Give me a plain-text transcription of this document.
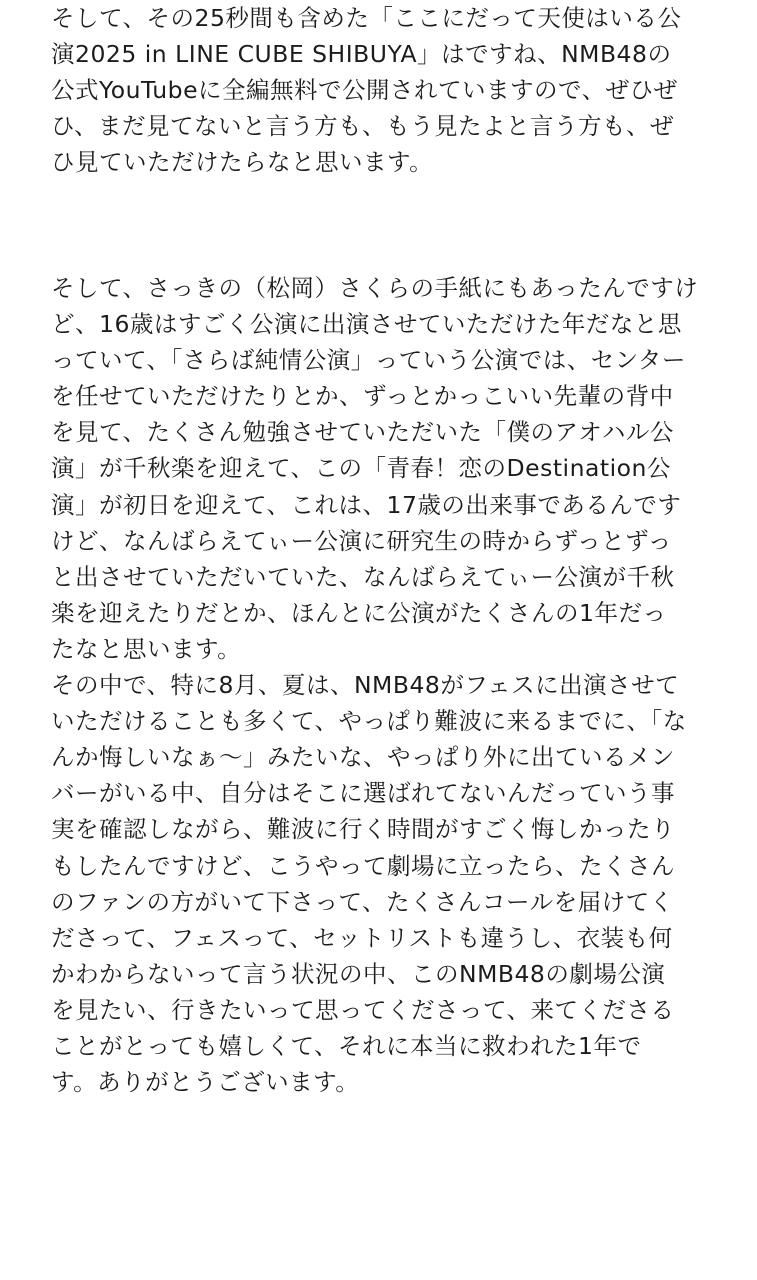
そして、その25秒間も含めた「ここにだって天使はいる公
演2025 in LINE CUBE SHIBUYA」はですね、NMB48の
公式YouTubeに全編無料で公開されていますので、ぜひぜ
ひ、まだ見てないと言う方も、もう見たよと言う方も、ぜ
ひ見ていただけたらなと思います。
そして、さっきの（松岡）さくらの手紙にもあったんですけ
ど、16歳はすごく公演に出演させていただけた年だなと思
っていて、「さらば純情公演」っていう公演では、センター
を任せていただけたりとか、ずっとかっこいい先輩の背中
を見て、たくさん勉強させていただいた「僕のアオハル公
演」が千秋楽を迎えて、この「青春！恋のDestination公
演」が初日を迎えて、これは、17歳の出来事であるんです
けど、なんばらえてぃー公演に研究生の時からずっとずっ
と出させていただいていた、なんばらえてぃー公演が千秋
楽を迎えたりだとか、ほんとに公演がたくさんの1年だっ
たなと思います。
その中で、特に8月、夏は、NMB48がフェスに出演させて
いただけることも多くて、やっぱり難波に来るまでに、「な
んか悔しいなぁ〜」みたいな、やっぱり外に出ているメン
バーがいる中、自分はそこに選ばれてないんだっていう事
実を確認しながら、難波に行く時間がすごく悔しかったり
もしたんですけど、こうやって劇場に立ったら、たくさん
のファンの方がいて下さって、たくさんコールを届けてく
ださって、フェスって、セットリストも違うし、衣装も何
かわからないって言う状況の中、このNMB48の劇場公演
を見たい、行きたいって思ってくださって、来てくださる
ことがとっても嬉しくて、それに本当に救われた1年で
す。ありがとうございます。
